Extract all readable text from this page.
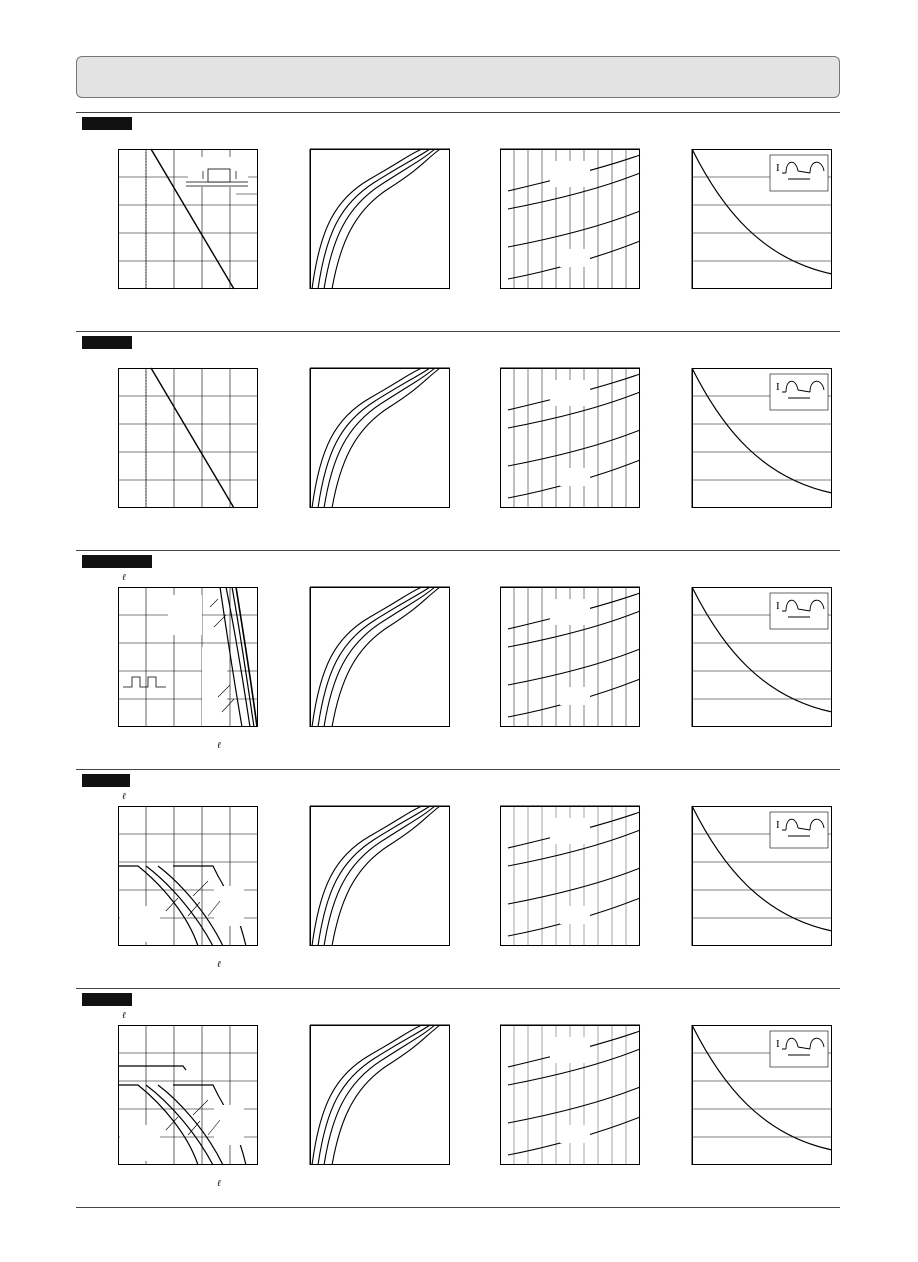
I
I
ℓ
ℓ
I
ℓ
ℓ
I
ℓ
ℓ
I
